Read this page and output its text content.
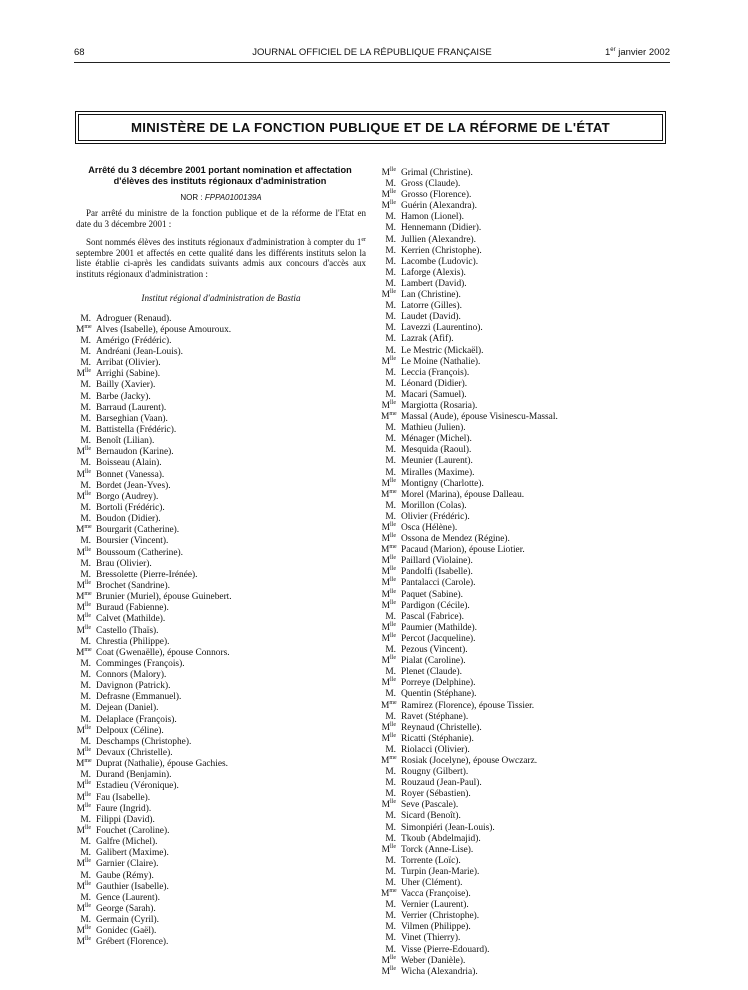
68	JOURNAL OFFICIEL DE LA RÉPUBLIQUE FRANÇAISE	1er janvier 2002
MINISTÈRE DE LA FONCTION PUBLIQUE ET DE LA RÉFORME DE L'ÉTAT
Arrêté du 3 décembre 2001 portant nomination et affectation d'élèves des instituts régionaux d'administration
NOR : FPPA0100139A
Par arrêté du ministre de la fonction publique et de la réforme de l'Etat en date du 3 décembre 2001 :
Sont nommés élèves des instituts régionaux d'administration à compter du 1er septembre 2001 et affectés en cette qualité dans les différents instituts selon la liste établie ci-après les candidats suivants admis aux concours d'accès aux instituts régionaux d'administration :
Institut régional d'administration de Bastia
M. Adroguer (Renaud).
$M^{me}$ Alves (Isabelle), épouse Amouroux.
M. Amérigo (Frédéric).
M. Andréani (Jean-Louis).
M. Arribat (Olivier).
$M^{lle}$ Arrighi (Sabine).
M. Bailly (Xavier).
M. Barbe (Jacky).
M. Barraud (Laurent).
M. Barseghian (Vaan).
M. Battistella (Frédéric).
M. Benoît (Lilian).
$M^{lle}$ Bernaudon (Karine).
M. Boisseau (Alain).
$M^{lle}$ Bonnet (Vanessa).
M. Bordet (Jean-Yves).
$M^{lle}$ Borgo (Audrey).
M. Bortoli (Frédéric).
M. Boudon (Didier).
$M^{me}$ Bourgarit (Catherine).
M. Boursier (Vincent).
$M^{lle}$ Boussoum (Catherine).
M. Brau (Olivier).
M. Bressolette (Pierre-Irénée).
$M^{lle}$ Brochet (Sandrine).
$M^{me}$ Brunier (Muriel), épouse Guinebert.
$M^{lle}$ Buraud (Fabienne).
$M^{lle}$ Calvet (Mathilde).
$M^{lle}$ Castello (Thaïs).
M. Chrestia (Philippe).
$M^{me}$ Coat (Gwenaëlle), épouse Connors.
M. Comminges (François).
M. Connors (Malory).
M. Davignon (Patrick).
M. Defrasne (Emmanuel).
M. Dejean (Daniel).
M. Delaplace (François).
$M^{lle}$ Delpoux (Céline).
M. Deschamps (Christophe).
$M^{lle}$ Devaux (Christelle).
$M^{me}$ Duprat (Nathalie), épouse Gachies.
M. Durand (Benjamin).
$M^{lle}$ Estadieu (Véronique).
$M^{lle}$ Fau (Isabelle).
$M^{lle}$ Faure (Ingrid).
M. Filippi (David).
$M^{lle}$ Fouchet (Caroline).
M. Galfre (Michel).
M. Galibert (Maxime).
$M^{lle}$ Garnier (Claire).
M. Gaube (Rémy).
$M^{lle}$ Gauthier (Isabelle).
M. Gence (Laurent).
$M^{lle}$ George (Sarah).
M. Germain (Cyril).
$M^{lle}$ Gonidec (Gaël).
$M^{lle}$ Grébert (Florence).
$M^{lle}$ Grimal (Christine).
M. Gross (Claude).
$M^{lle}$ Grosso (Florence).
$M^{lle}$ Guérin (Alexandra).
M. Hamon (Lionel).
M. Hennemann (Didier).
M. Jullien (Alexandre).
M. Kerrien (Christophe).
M. Lacombe (Ludovic).
M. Laforge (Alexis).
M. Lambert (David).
$M^{lle}$ Lan (Christine).
M. Latorre (Gilles).
M. Laudet (David).
M. Lavezzi (Laurentino).
M. Lazrak (Afif).
M. Le Mestric (Mickaël).
$M^{lle}$ Le Moine (Nathalie).
M. Leccia (François).
M. Léonard (Didier).
M. Macari (Samuel).
$M^{lle}$ Margiotta (Rosaria).
$M^{me}$ Massal (Aude), épouse Visinescu-Massal.
M. Mathieu (Julien).
M. Ménager (Michel).
M. Mesquida (Raoul).
M. Meunier (Laurent).
M. Miralles (Maxime).
$M^{lle}$ Montigny (Charlotte).
$M^{me}$ Morel (Marina), épouse Dalleau.
M. Morillon (Colas).
M. Olivier (Frédéric).
$M^{lle}$ Osca (Hélène).
$M^{lle}$ Ossona de Mendez (Régine).
$M^{me}$ Pacaud (Marion), épouse Liotier.
$M^{lle}$ Paillard (Violaine).
$M^{lle}$ Pandolfi (Isabelle).
$M^{lle}$ Pantalacci (Carole).
$M^{lle}$ Paquet (Sabine).
$M^{lle}$ Pardigon (Cécile).
M. Pascal (Fabrice).
$M^{lle}$ Paumier (Mathilde).
$M^{lle}$ Percot (Jacqueline).
M. Pezous (Vincent).
$M^{lle}$ Pialat (Caroline).
M. Plenet (Claude).
$M^{lle}$ Porreye (Delphine).
M. Quentin (Stéphane).
$M^{me}$ Ramirez (Florence), épouse Tissier.
M. Ravet (Stéphane).
$M^{lle}$ Reynaud (Christelle).
$M^{lle}$ Ricatti (Stéphanie).
M. Riolacci (Olivier).
$M^{me}$ Rosiak (Jocelyne), épouse Owczarz.
M. Rougny (Gilbert).
M. Rouzaud (Jean-Paul).
M. Royer (Sébastien).
$M^{lle}$ Seve (Pascale).
M. Sicard (Benoît).
M. Simonpiéri (Jean-Louis).
M. Tkoub (Abdelmajid).
$M^{lle}$ Torck (Anne-Lise).
M. Torrente (Loïc).
M. Turpin (Jean-Marie).
M. Uher (Clément).
$M^{me}$ Vacca (Françoise).
M. Vernier (Laurent).
M. Verrier (Christophe).
M. Vilmen (Philippe).
M. Vinet (Thierry).
M. Visse (Pierre-Edouard).
$M^{lle}$ Weber (Danièle).
$M^{lle}$ Wicha (Alexandria).
